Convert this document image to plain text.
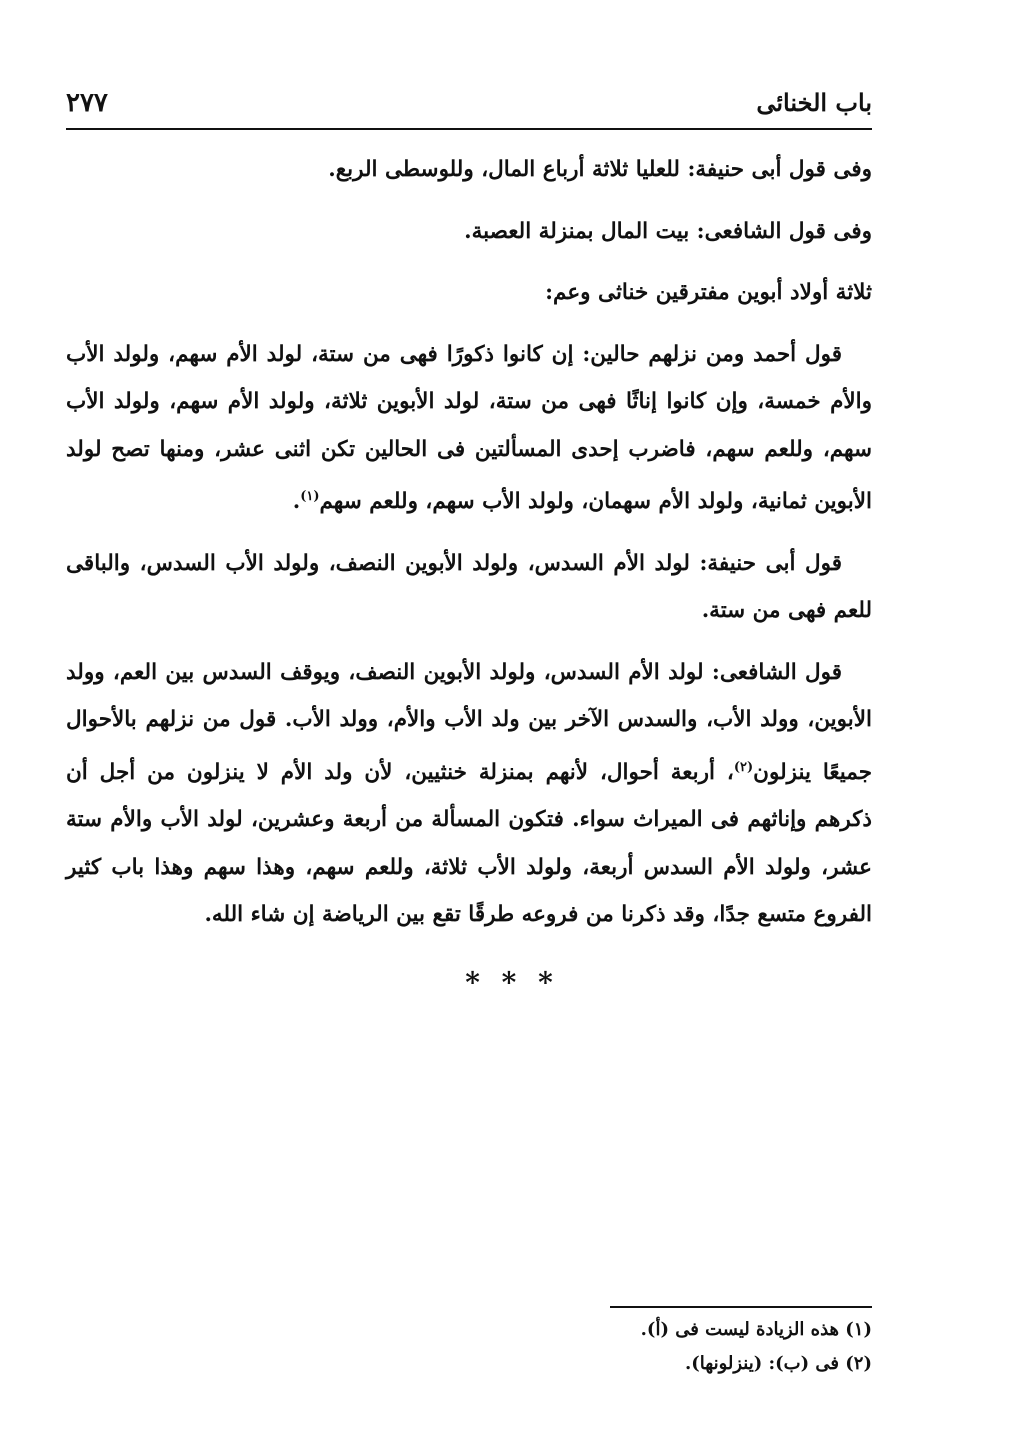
باب الخنائى
٢٧٧

وفى قول أبى حنيفة: للعليا ثلاثة أرباع المال، وللوسطى الربع.

وفى قول الشافعى: بيت المال بمنزلة العصبة.

ثلاثة أولاد أبوين مفترقين خناثى وعم:

قول أحمد ومن نزلهم حالين: إن كانوا ذكورًا فهى من ستة، لولد الأم سهم، ولولد الأب والأم خمسة، وإن كانوا إناثًا فهى من ستة، لولد الأبوين ثلاثة، ولولد الأم سهم، ولولد الأب سهم، وللعم سهم، فاضرب إحدى المسألتين فى الحالين تكن اثنى عشر، ومنها تصح لولد الأبوين ثمانية، ولولد الأم سهمان، ولولد الأب سهم، وللعم سهم$^{(١)}$.

قول أبى حنيفة: لولد الأم السدس، ولولد الأبوين النصف، ولولد الأب السدس، والباقى للعم فهى من ستة.

قول الشافعى: لولد الأم السدس، ولولد الأبوين النصف، ويوقف السدس بين العم، وولد الأبوين، وولد الأب، والسدس الآخر بين ولد الأب والأم، وولد الأب. قول من نزلهم بالأحوال جميعًا ينزلون$^{(٢)}$، أربعة أحوال، لأنهم بمنزلة خنثيين، لأن ولد الأم لا ينزلون من أجل أن ذكرهم وإناثهم فى الميراث سواء. فتكون المسألة من أربعة وعشرين، لولد الأب والأم ستة عشر، ولولد الأم السدس أربعة، ولولد الأب ثلاثة، وللعم سهم، وهذا سهم وهذا باب كثير الفروع متسع جدًا، وقد ذكرنا من فروعه طرقًا تقع بين الرياضة إن شاء الله.

* * *

(١) هذه الزيادة ليست فى (أ).

(٢) فى (ب): (ينزلونها).
